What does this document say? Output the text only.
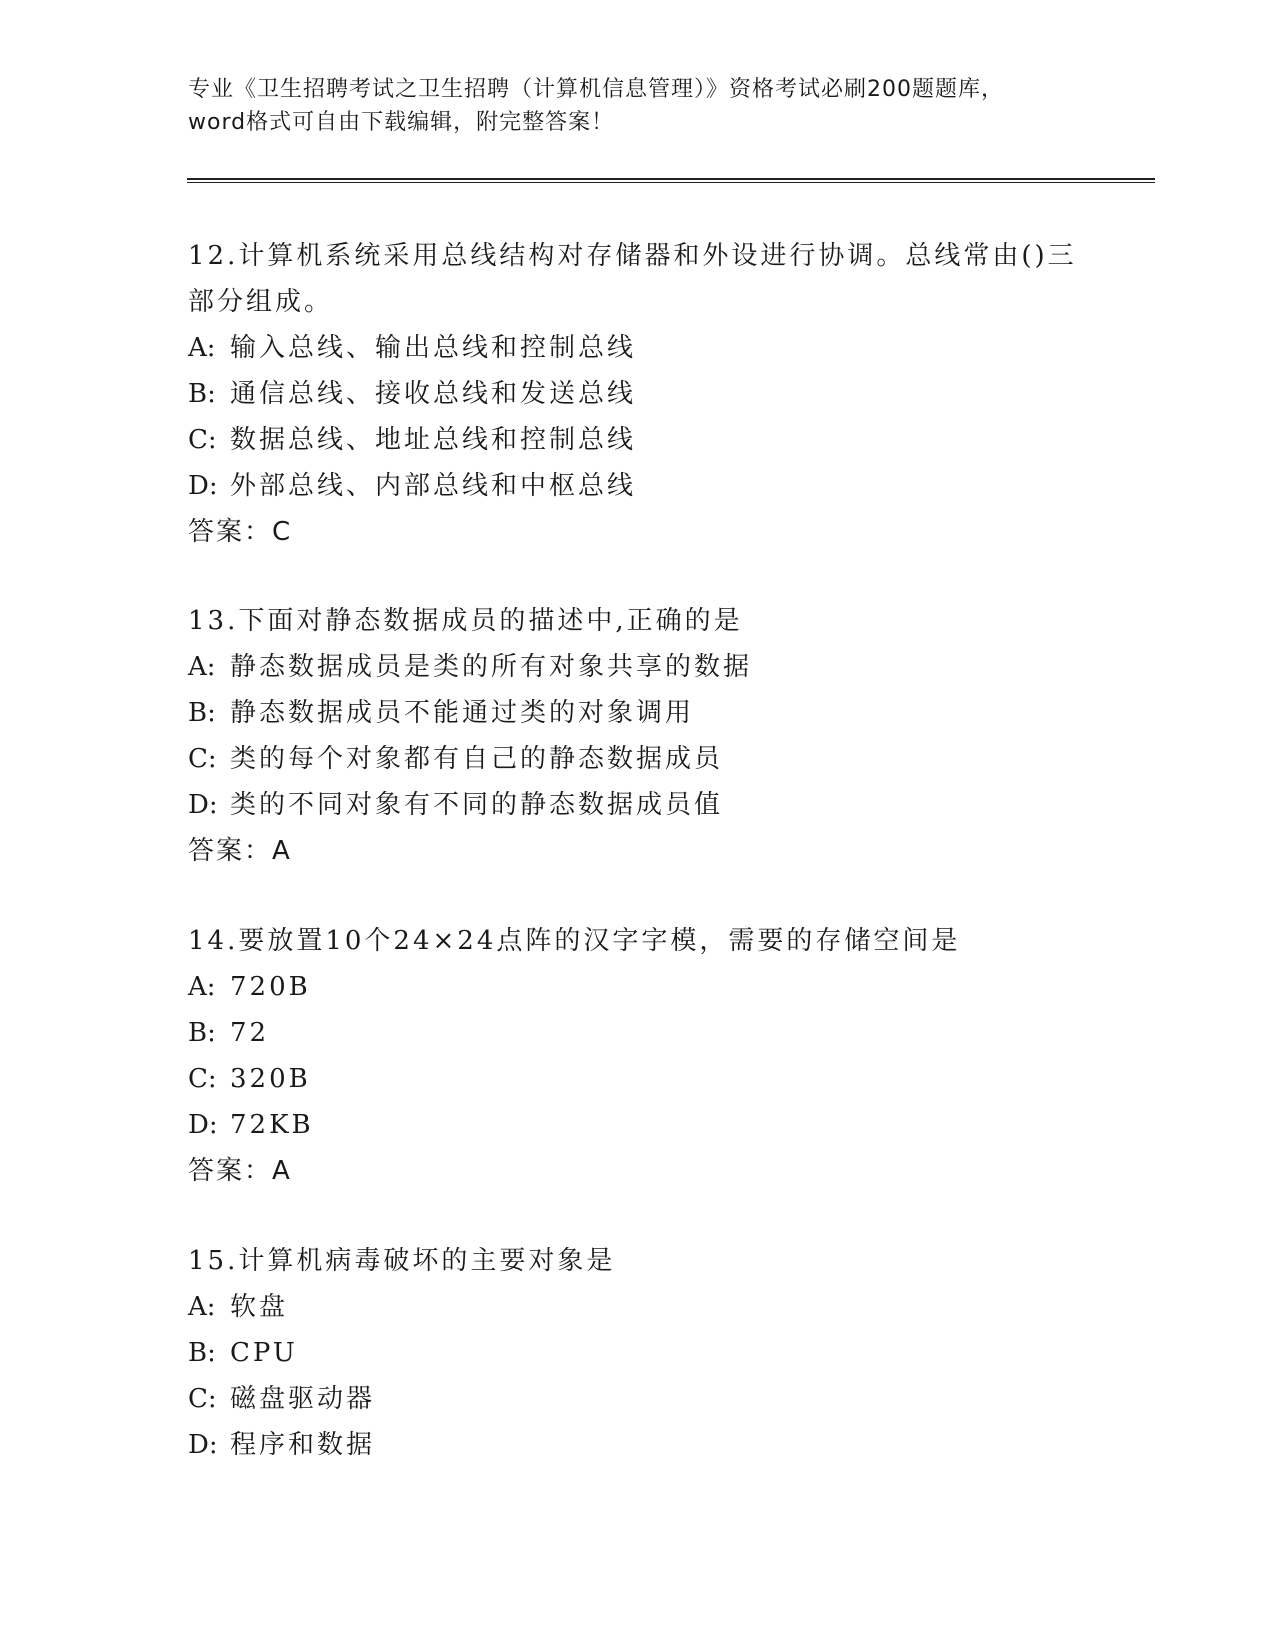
专业《卫生招聘考试之卫生招聘（计算机信息管理）》资格考试必刷200题题库，
word格式可自由下载编辑，附完整答案！
12.计算机系统采用总线结构对存储器和外设进行协调。总线常由()三
部分组成。
A: 输入总线、输出总线和控制总线
B: 通信总线、接收总线和发送总线
C: 数据总线、地址总线和控制总线
D: 外部总线、内部总线和中枢总线
答案：C
13.下面对静态数据成员的描述中,正确的是
A: 静态数据成员是类的所有对象共享的数据
B: 静态数据成员不能通过类的对象调用
C: 类的每个对象都有自己的静态数据成员
D: 类的不同对象有不同的静态数据成员值
答案：A
14.要放置10个24×24点阵的汉字字模，需要的存储空间是
A: 720B
B: 72
C: 320B
D: 72KB
答案：A
15.计算机病毒破坏的主要对象是
A: 软盘
B: CPU
C: 磁盘驱动器
D: 程序和数据
